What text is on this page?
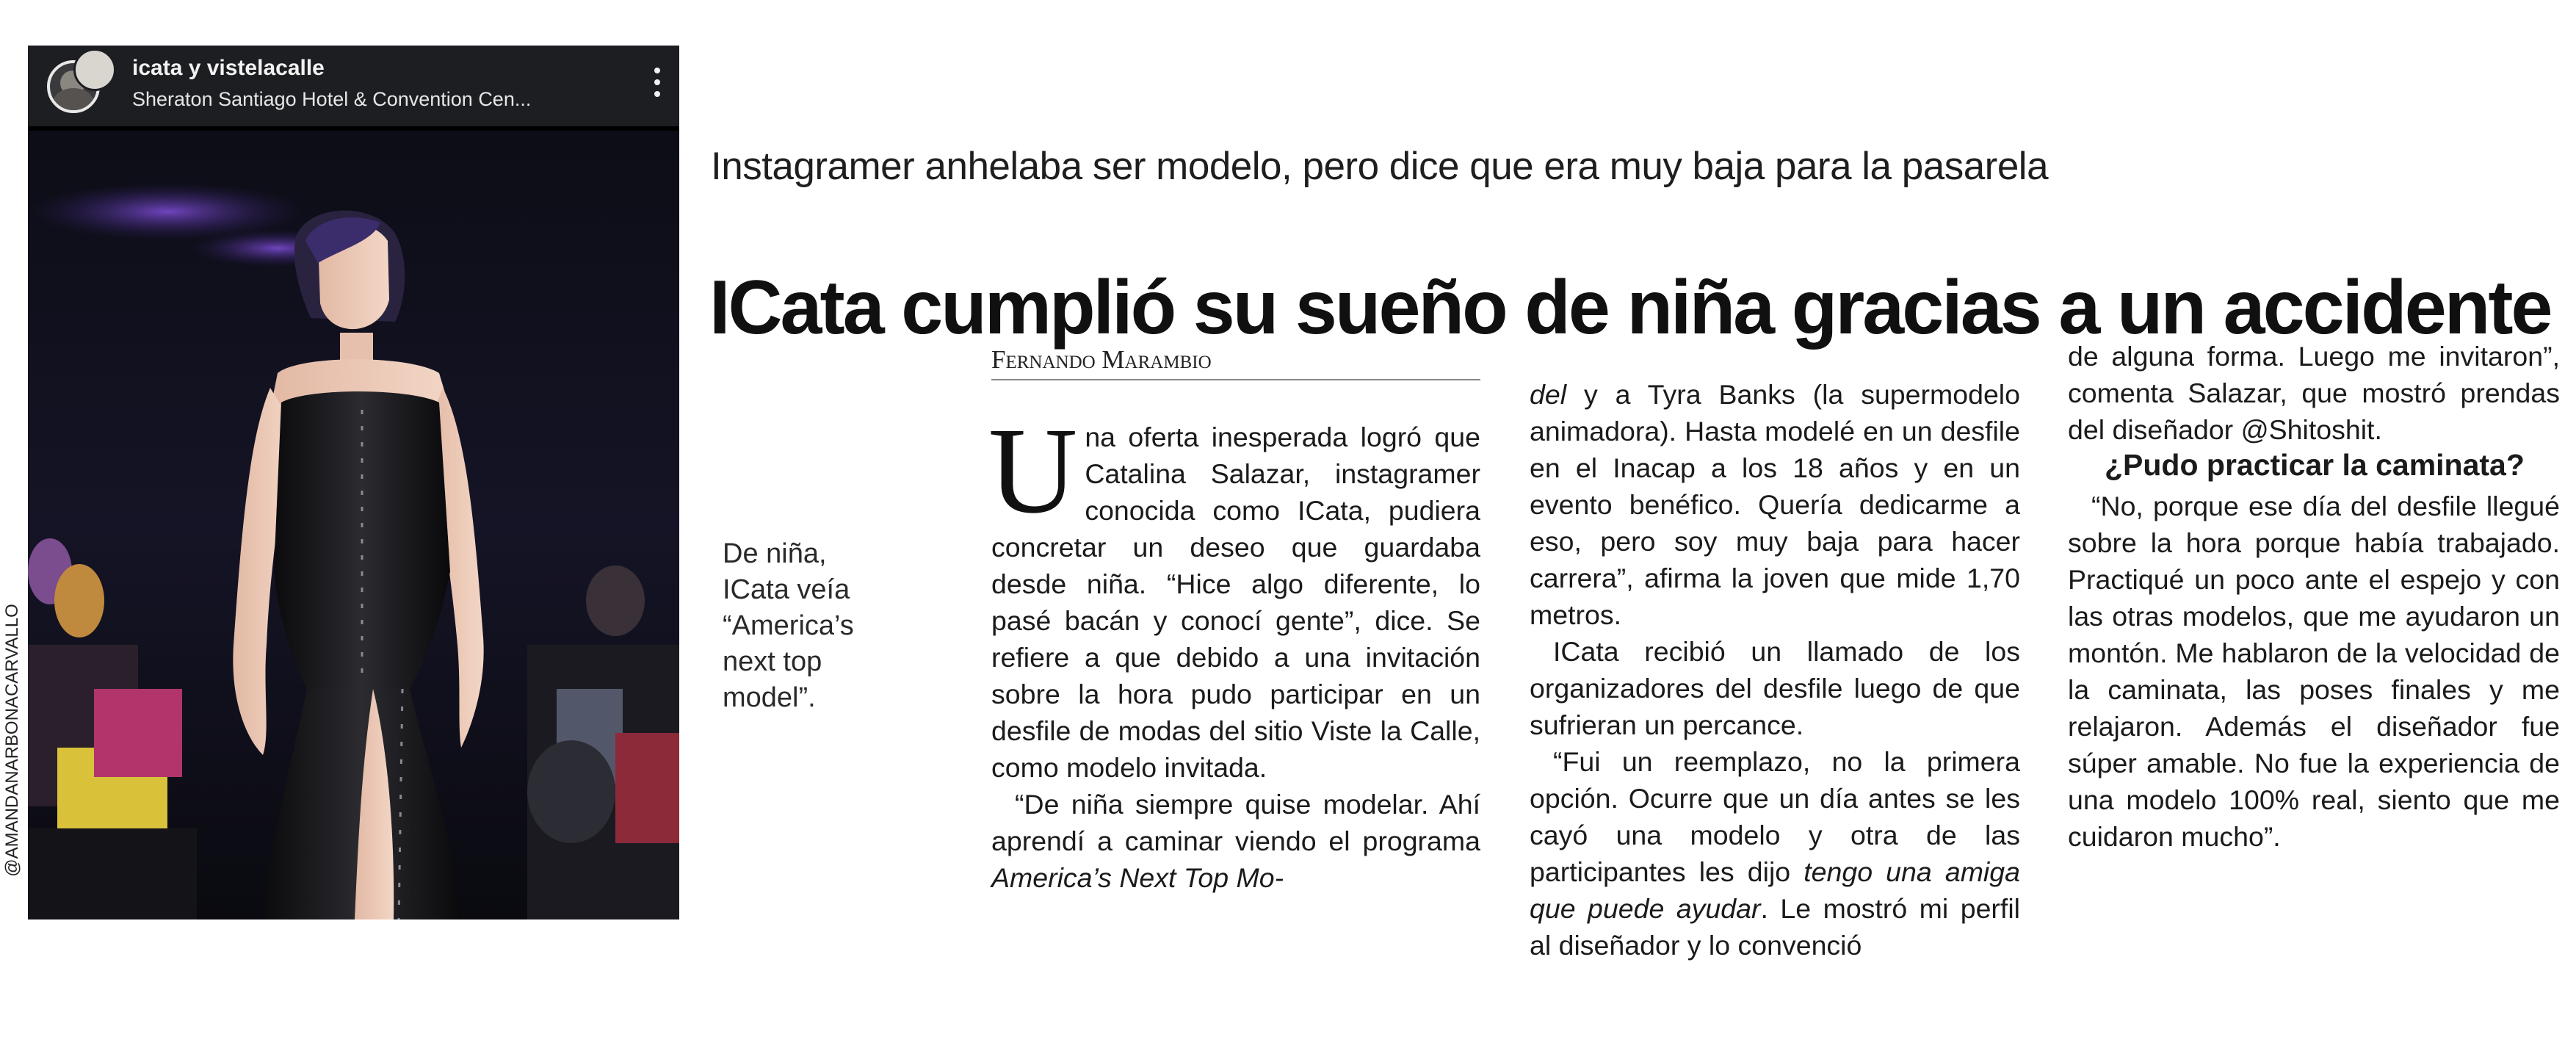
@AMANDANARBONACARVALLO
icata y vistelacalle
Sheraton Santiago Hotel & Convention Cen...
Instagramer anhelaba ser modelo, pero dice que era muy baja para la pasarela
ICata cumplió su sueño de niña gracias a un accidente
De niña, ICata veía “America’s next top model”.
Fernando Marambio

Una oferta inesperada logró que Catalina Salazar, instagramer conocida como ICata, pudiera concretar un deseo que guardaba desde niña. “Hice algo diferente, lo pasé bacán y conocí gente”, dice. Se refiere a que debido a una invitación sobre la hora pudo participar en un desfile de modas del sitio Viste la Calle, como modelo invitada.

“De niña siempre quise modelar. Ahí aprendí a caminar viendo el programa America’s Next Top Mo-

del y a Tyra Banks (la supermodelo animadora). Hasta modelé en un desfile en el Inacap a los 18 años y en un evento benéfico. Quería dedicarme a eso, pero soy muy baja para hacer carrera”, afirma la joven que mide 1,70 metros.

ICata recibió un llamado de los organizadores del desfile luego de que sufrieran un percance.

“Fui un reemplazo, no la primera opción. Ocurre que un día antes se les cayó una modelo y otra de las participantes les dijo tengo una amiga que puede ayudar. Le mostró mi perfil al diseñador y lo convenció

de alguna forma. Luego me invitaron”, comenta Salazar, que mostró prendas del diseñador @Shitoshit.

¿Pudo practicar la caminata?

“No, porque ese día del desfile llegué sobre la hora porque había trabajado. Practiqué un poco ante el espejo y con las otras modelos, que me ayudaron un montón. Me hablaron de la velocidad de la caminata, las poses finales y me relajaron. Además el diseñador fue súper amable. No fue la experiencia de una modelo 100% real, siento que me cuidaron mucho”.
